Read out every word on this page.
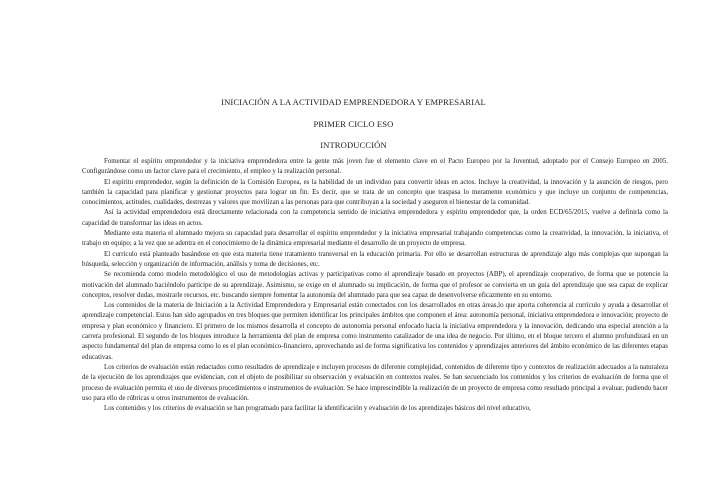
INICIACIÓN A LA ACTIVIDAD EMPRENDEDORA Y EMPRESARIAL
PRIMER CICLO ESO
INTRODUCCIÓN

Fomentar el espíritu emprendedor y la iniciativa emprendedora entre la gente más joven fue el elemento clave en el Pacto Europeo por la Juventud, adoptado por el Consejo Europeo en 2005. Configurándose como un factor clave para el crecimiento, el empleo y la realización personal.

El espíritu emprendedor, según la definición de la Comisión Europea, es la habilidad de un individuo para convertir ideas en actos. Incluye la creatividad, la innovación y la asunción de riesgos, pero también la capacidad para planificar y gestionar proyectos para lograr un fin. Es decir, que se trata de un concepto que traspasa lo meramente económico y que incluye un conjunto de competencias, conocimientos, actitudes, cualidades, destrezas y valores que movilizan a las personas para que contribuyan a la sociedad y aseguren el bienestar de la comunidad.

Así la actividad emprendedora está directamente relacionada con la competencia sentido de iniciativa emprendedora y espíritu emprendedor que, la orden ECD/65/2015, vuelve a definirla como la capacidad de transformar las ideas en actos.

Mediante esta materia el alumnado mejora su capacidad para desarrollar el espíritu emprendedor y la iniciativa empresarial trabajando competencias como la creatividad, la innovación, la iniciativa, el trabajo en equipo; a la vez que se adentra en el conocimiento de la dinámica empresarial mediante el desarrollo de un proyecto de empresa.

El currículo está planteado basándose en que esta materia tiene tratamiento transversal en la educación primaria. Por ello se desarrollan estructuras de aprendizaje algo más complejas que supongan la búsqueda, selección y organización de información, análisis y toma de decisiones, etc.

Se recomienda como modelo metodológico el uso de metodologías activas y participativas como el aprendizaje basado en proyectos (ABP), el aprendizaje cooperativo, de forma que se potencie la motivación del alumnado haciéndolo partícipe de su aprendizaje. Asimismo, se exige en el alumnado su implicación, de forma que el profesor se convierta en un guía del aprendizaje que sea capaz de explicar conceptos, resolver dudas, mostrarle recursos, etc. buscando siempre fomentar la autonomía del alumnado para que sea capaz de desenvolverse eficazmente en su entorno.

Los contenidos de la materia de Iniciación a la Actividad Emprendedora y Empresarial están conectados con los desarrollados en otras áreas,lo que aporta coherencia al currículo y ayuda a desarrollar el aprendizaje competencial. Estos han sido agrupados en tres bloques que permiten identificar los principales ámbitos que componen el área: autonomía personal, iniciativa emprendedora e innovación; proyecto de empresa y plan económico y financiero. El primero de los mismos desarrolla el concepto de autonomía personal enfocado hacia la iniciativa emprendedora y la innovación, dedicando una especial atención a la carrera profesional. El segundo de los bloques introduce la herramienta del plan de empresa como instrumento catalizador de una idea de negocio. Por último, en el bloque tercero el alumno profundizará en un aspecto fundamental del plan de empresa como lo es el plan económico-financiero, aprovechando así de forma significativa los contenidos y aprendizajes anteriores del ámbito económico de las diferentes etapas educativas.

Los criterios de evaluación están redactados como resultados de aprendizaje e incluyen procesos de diferente complejidad, contenidos de diferente tipo y contextos de realización adecuados a la naturaleza de la ejecución de los aprendizajes que evidencian, con el objeto de posibilitar su observación y evaluación en contextos reales. Se han secuenciado los contenidos y los criterios de evaluación de forma que el proceso de evaluación permita el uso de diversos procedimientos e instrumentos de evaluación. Se hace imprescindible la realización de un proyecto de empresa como resultado principal a evaluar, pudiendo hacer uso para ello de rúbricas u otros instrumentos de evaluación.

Los contenidos y los criterios de evaluación se han programado para facilitar la identificación y evaluación de los aprendizajes básicos del nivel educativo,
